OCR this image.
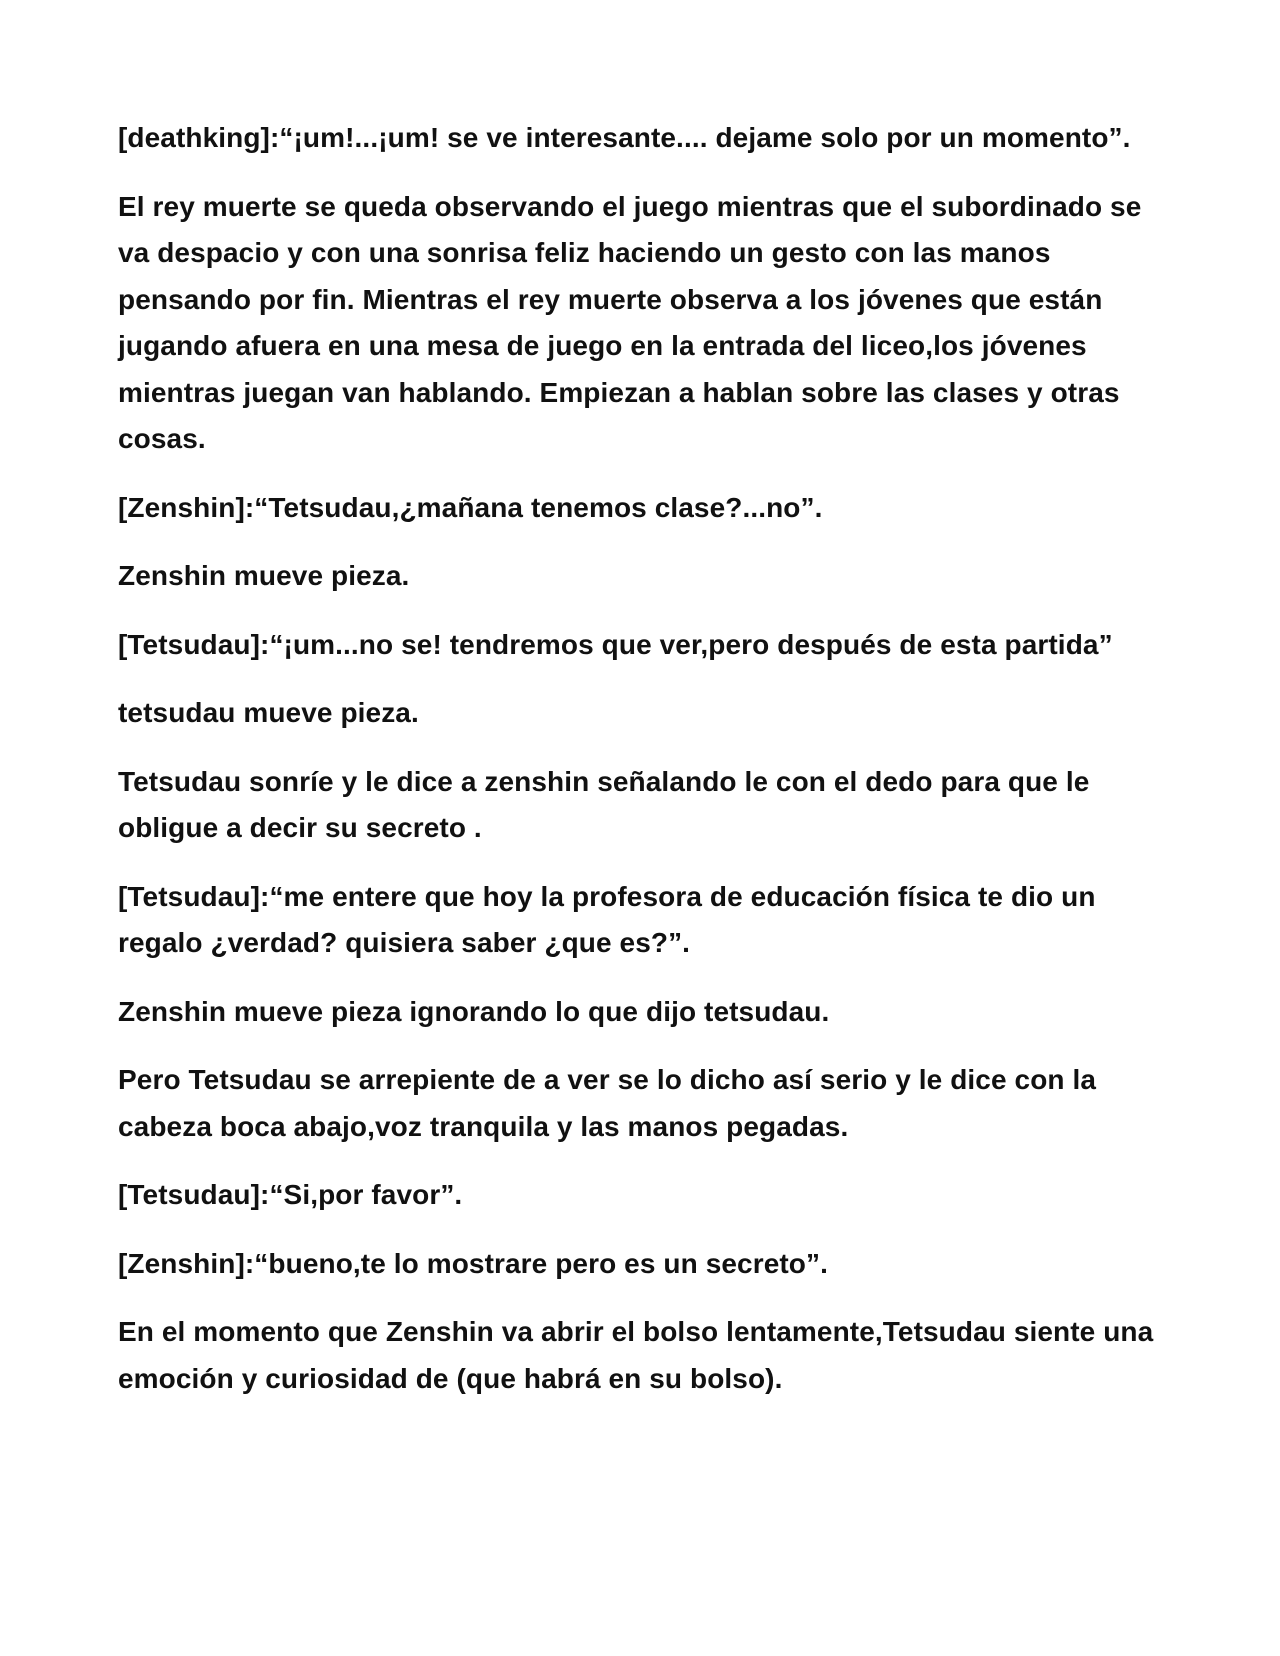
[deathking]:“¡um!...¡um! se ve interesante.... dejame solo por un momento”.

El rey muerte se queda observando el juego mientras que el subordinado se va despacio y con una sonrisa feliz haciendo un gesto con las manos pensando por fin. Mientras el rey muerte observa a los jóvenes que están jugando afuera en una mesa de juego en la entrada del liceo,los jóvenes mientras juegan van hablando. Empiezan a hablan sobre las clases y otras cosas.

[Zenshin]:“Tetsudau,¿mañana tenemos clase?...no”.

Zenshin mueve pieza.

[Tetsudau]:“¡um...no se! tendremos que ver,pero después de esta partida”

tetsudau mueve pieza.

Tetsudau sonríe y le dice a zenshin señalando le con el dedo para que le obligue a decir su secreto .

[Tetsudau]:“me entere que hoy la profesora de educación física te dio un regalo ¿verdad? quisiera saber ¿que es?”.

Zenshin mueve pieza ignorando lo que dijo tetsudau.

Pero Tetsudau se arrepiente de a ver se lo dicho así serio y le dice con la cabeza boca abajo,voz tranquila y las manos pegadas.

[Tetsudau]:“Si,por favor”.

[Zenshin]:“bueno,te lo mostrare pero es un secreto”.

En el momento que Zenshin va abrir el bolso lentamente,Tetsudau siente una emoción y curiosidad de (que habrá en su bolso).
